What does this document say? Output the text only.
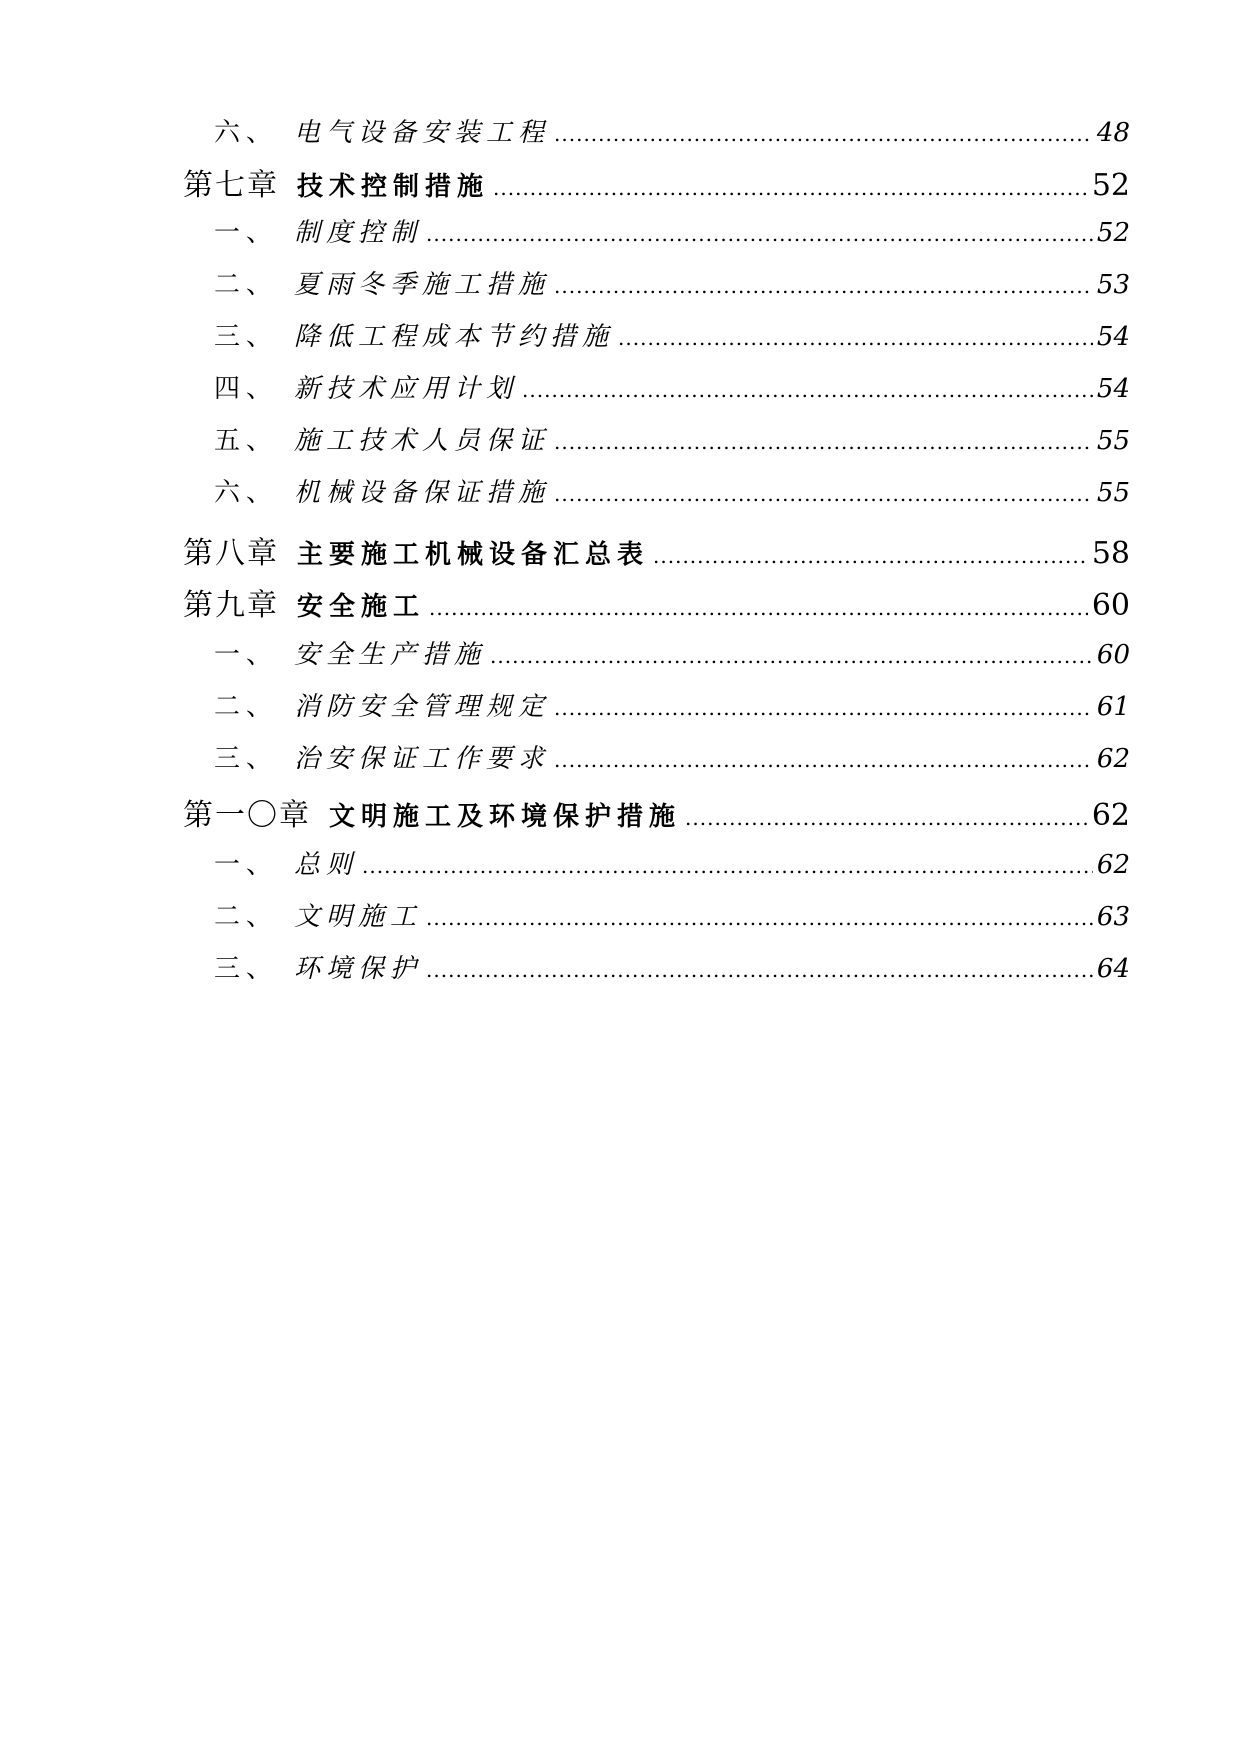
六、 电气设备安装工程 .....	48
第七章 技术控制措施 .....	52
一、 制度控制 .....	52
二、 夏雨冬季施工措施 .....	53
三、 降低工程成本节约措施 .....	54
四、 新技术应用计划 .....	54
五、 施工技术人员保证 .....	55
六、 机械设备保证措施 .....	55
第八章 主要施工机械设备汇总表 .....	58
第九章 安全施工 .....	60
一、 安全生产措施 .....	60
二、 消防安全管理规定 .....	61
三、 治安保证工作要求 .....	62
第一〇章 文明施工及环境保护措施 .....	62
一、 总则 .....	62
二、 文明施工 .....	63
三、 环境保护 .....	64
